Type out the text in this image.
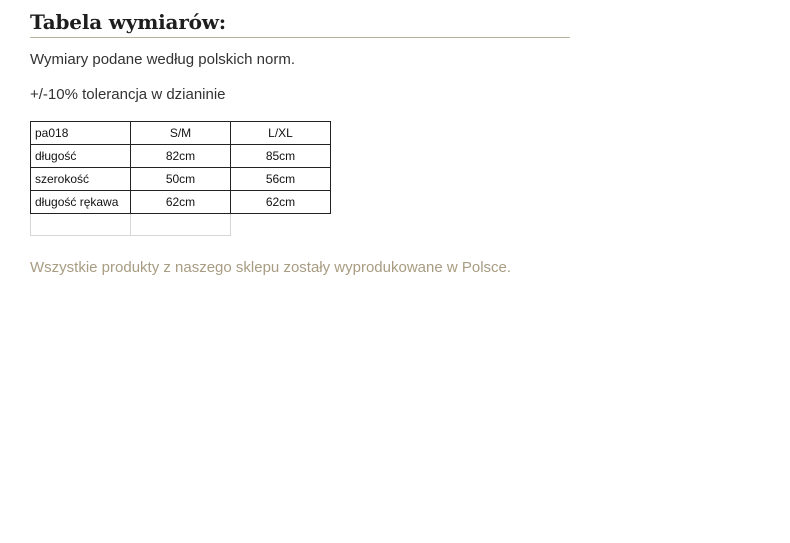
Tabela wymiarów:

Wymiary podane według polskich norm.

+/-10% tolerancja w dzianinie

pa018	S/M	L/XL
długość	82cm	85cm
szerokość	50cm	56cm
długość rękawa	62cm	62cm

Wszystkie produkty z naszego sklepu zostały wyprodukowane w Polsce.
